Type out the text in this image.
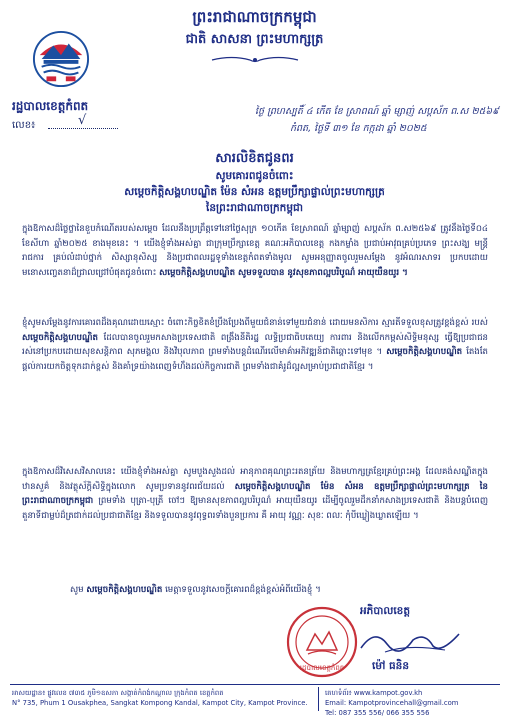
ព្រះរាជាណាចក្រកម្ពុជា
ជាតិ សាសនា ព្រះមហាក្សត្រ
រដ្ឋបាលខេត្តកំពត
លេខ៖	√
ថ្ងៃ ព្រហស្បតិ៍ ៤ កើត ខែ ស្រាពណ៍ ឆ្នាំ ម្សាញ់ សប្តស័ក ព.ស ២៥៦៩
កំពត, ថ្ងៃទី ៣១ ខែ កក្កដា ឆ្នាំ ២០២៥
សារលិខិតជូនពរ
សូមគោរពជូនចំពោះ
សម្តេចកិត្តិសង្គហបណ្ឌិត ម៉ែន សំអន ឧត្តមប្រឹក្សាផ្ទាល់ព្រះមហាក្សត្រ
នៃព្រះរាជាណាចក្រកម្ពុជា
ក្នុងឱកាសដ៏ថ្លៃថ្លានៃខួបកំណើតរបស់សម្តេច ដែលនឹងប្រព្រឹត្តទៅនៅថ្ងៃសុក្រ ១០កើត ខែស្រាពណ៍ ឆ្នាំម្សាញ់ សប្តស័ក ព.ស២៥៦៩ ត្រូវនឹងថ្ងៃទី០៤ ខែសីហា ឆ្នាំ២០២៥ ខាងមុខនេះ ។ យើងខ្ញុំទាំងអស់គ្នា ជាក្រុមប្រឹក្សាខេត្ត គណៈអភិបាលខេត្ត កងកម្លាំង ប្រជាប់អាវុធគ្រប់ប្រភេទ ព្រះសង្ឃ មន្ត្រីរាជការ គ្រប់លំដាប់ថ្នាក់ សិស្សានុសិស្ស និងប្រជាពលរដ្ឋទូទាំងខេត្តកំពតទាំងមូល សូមអនុញ្ញាតចូលរួមសម្តែង នូវអំណរសាទរ ប្រកបដោយមនោសញ្ចេតនាដ៏ជ្រាលជ្រៅបំផុតជូនចំពោះ សម្តេចកិត្តិសង្គហបណ្ឌិត សូមទទួលបាន នូវសុខភាពល្អបរិបូណ៌ អាយុយឺនយូរ ។
ខ្ញុំសូមសម្តែងនូវការគោរពដឹងគុណដោយស្មោះ ចំពោះកិច្ចខិតខំប្រឹងប្រែងពីមួយជំនាន់ទៅមួយជំនាន់ ដោយមនសិការ ស្មារតីទទួលខុសត្រូវខ្ពង់ខ្ពស់ របស់ សម្តេចកិត្តិសង្គហបណ្ឌិត ដែលបានចូលរួមកសាងប្រទេសជាតិ ពង្រឹងនីតិរដ្ឋ លទ្ធិប្រជាធិបតេយ្យ ការពារ និងលើកកម្ពស់សិទ្ធិមនុស្ស ធ្វើឱ្យប្រជាជនរស់នៅប្រកបដោយសុខសន្តិភាព សុភមង្គល និងវិបុលភាព ព្រមទាំងបន្តដំណើរលើមាគ៌ាអភិវឌ្ឍន៍ជាតិឆ្ពោះទៅមុខ ។ សម្តេចកិត្តិសង្គហបណ្ឌិត តែងតែផ្តល់ការយកចិត្តទុកដាក់ខ្ពស់ និងគាំទ្រយ៉ាងពេញទំហឹងដល់កិច្ចការជាតិ ព្រមទាំងជាគំរូដ៏ល្អសម្រាប់ប្រជាជាតិខ្មែរ ។
ក្នុងឱកាសដ៏វិសេសវិសាលនេះ យើងខ្ញុំទាំងអស់គ្នា សូមបួងសួងដល់ អានុភាពគុណព្រះរតនត្រ័យ និងមហាក្សត្រខ្មែរគ្រប់ព្រះអង្គ ដែលគង់សណ្ឋិតក្នុងឋានសួគ៌ និងវត្ថុស័ក្តិសិទ្ធិក្នុងលោក សូមប្រទាននូវពរជ័យដល់ សម្តេចកិត្តិសង្គហបណ្ឌិត ម៉ែន សំអន ឧត្តមប្រឹក្សាផ្ទាល់ព្រះមហាក្សត្រ នៃព្រះរាជាណាចក្រកម្ពុជា ព្រមទាំង បុត្រា-បុត្រី ចៅៗ ឱ្យមានសុខភាពល្អបរិបូណ៌ អាយុយឺនយូរ ដើម្បីចូលរួមដឹកនាំកសាងប្រទេសជាតិ និងបន្តបំពេញតួនាទីជាម្លប់ដ៏ត្រជាក់ដល់ប្រជាជាតិខ្មែរ និងទទួលបាននូវពុទ្ធពរទាំងបួនប្រការ គឺ អាយុ វណ្ណៈ សុខៈ ពលៈ កុំបីឃ្លៀងឃ្លាតឡើយ ។
សូម សម្តេចកិត្តិសង្គហបណ្ឌិត មេត្តាទទួលនូវសេចក្តីគោរពដ៏ខ្ពង់ខ្ពស់អំពីយើងខ្ញុំ ។
រដ្ឋបាលខេត្តកំពត
អភិបាលខេត្ត
ម៉ៅ ធនិន
អាសយដ្ឋាន៖ ផ្លូវលេខ ៧៣៥ ភូមិ១ឧសភា សង្កាត់កំពង់កណ្តាល ក្រុងកំពត ខេត្តកំពត
N° 735, Phum 1 Ousakphea, Sangkat Kompong Kandal, Kampot City, Kampot Province.
គេហទំព័រ៖ www.kampot.gov.kh
Email: Kampotprovincehall@gmail.com
Tel: 087 355 556/ 066 355 556
